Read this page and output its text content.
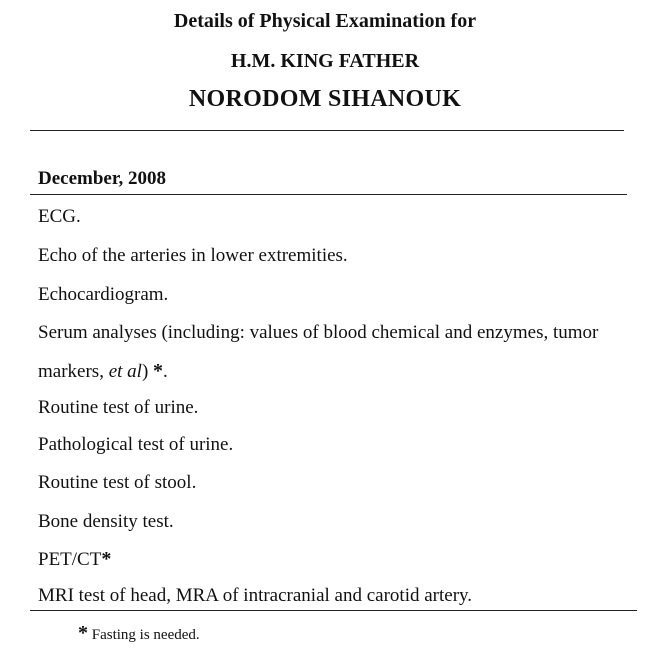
Details of Physical Examination for
H.M. KING FATHER
NORODOM SIHANOUK
December, 2008
ECG.
Echo of the arteries in lower extremities.
Echocardiogram.
Serum analyses (including: values of blood chemical and enzymes, tumor markers, et al) *.
Routine test of urine.
Pathological test of urine.
Routine test of stool.
Bone density test.
PET/CT*
MRI test of head, MRA of intracranial and carotid artery.
* Fasting is needed.
